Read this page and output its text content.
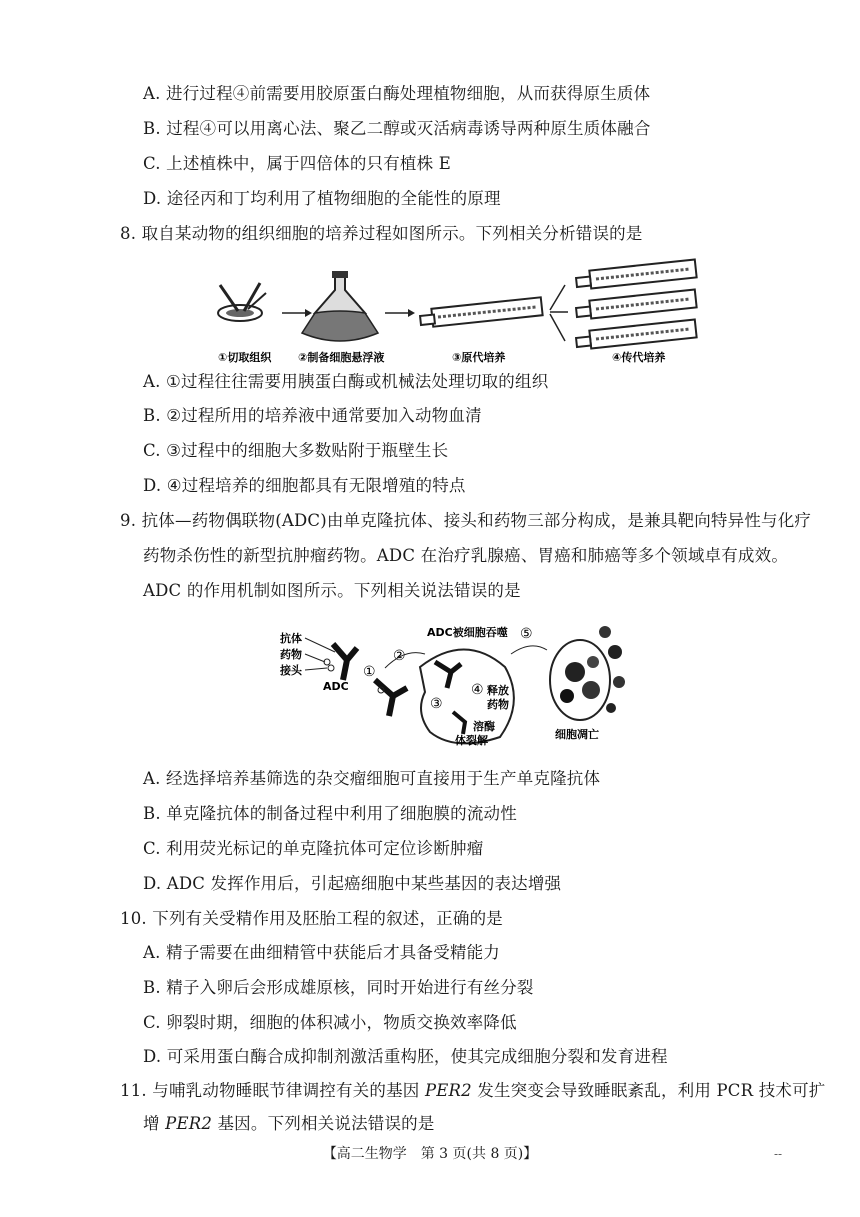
A. 进行过程④前需要用胶原蛋白酶处理植物细胞，从而获得原生质体
B. 过程④可以用离心法、聚乙二醇或灭活病毒诱导两种原生质体融合
C. 上述植株中，属于四倍体的只有植株 E
D. 途径丙和丁均利用了植物细胞的全能性的原理
8. 取自某动物的组织细胞的培养过程如图所示。下列相关分析错误的是
①切取组织 ②制备细胞悬浮液	③原代培养	④传代培养
A. ①过程往往需要用胰蛋白酶或机械法处理切取的组织
B. ②过程所用的培养液中通常要加入动物血清
C. ③过程中的细胞大多数贴附于瓶壁生长
D. ④过程培养的细胞都具有无限增殖的特点
9. 抗体—药物偶联物(ADC)由单克隆抗体、接头和药物三部分构成，是兼具靶向特异性与化疗
药物杀伤性的新型抗肿瘤药物。ADC 在治疗乳腺癌、胃癌和肺癌等多个领域卓有成效。
ADC 的作用机制如图所示。下列相关说法错误的是
抗体
药物
接头
ADC
①
②
ADC被细胞吞噬
③
④ 释放
药物
溶酶
体裂解
⑤
细胞凋亡
A. 经选择培养基筛选的杂交瘤细胞可直接用于生产单克隆抗体
B. 单克隆抗体的制备过程中利用了细胞膜的流动性
C. 利用荧光标记的单克隆抗体可定位诊断肿瘤
D. ADC 发挥作用后，引起癌细胞中某些基因的表达增强
10. 下列有关受精作用及胚胎工程的叙述，正确的是
A. 精子需要在曲细精管中获能后才具备受精能力
B. 精子入卵后会形成雄原核，同时开始进行有丝分裂
C. 卵裂时期，细胞的体积减小，物质交换效率降低
D. 可采用蛋白酶合成抑制剂激活重构胚，使其完成细胞分裂和发育进程
11. 与哺乳动物睡眠节律调控有关的基因 PER2 发生突变会导致睡眠紊乱，利用 PCR 技术可扩
增 PER2 基因。下列相关说法错误的是
【高二生物学　第 3 页(共 8 页)】	--
